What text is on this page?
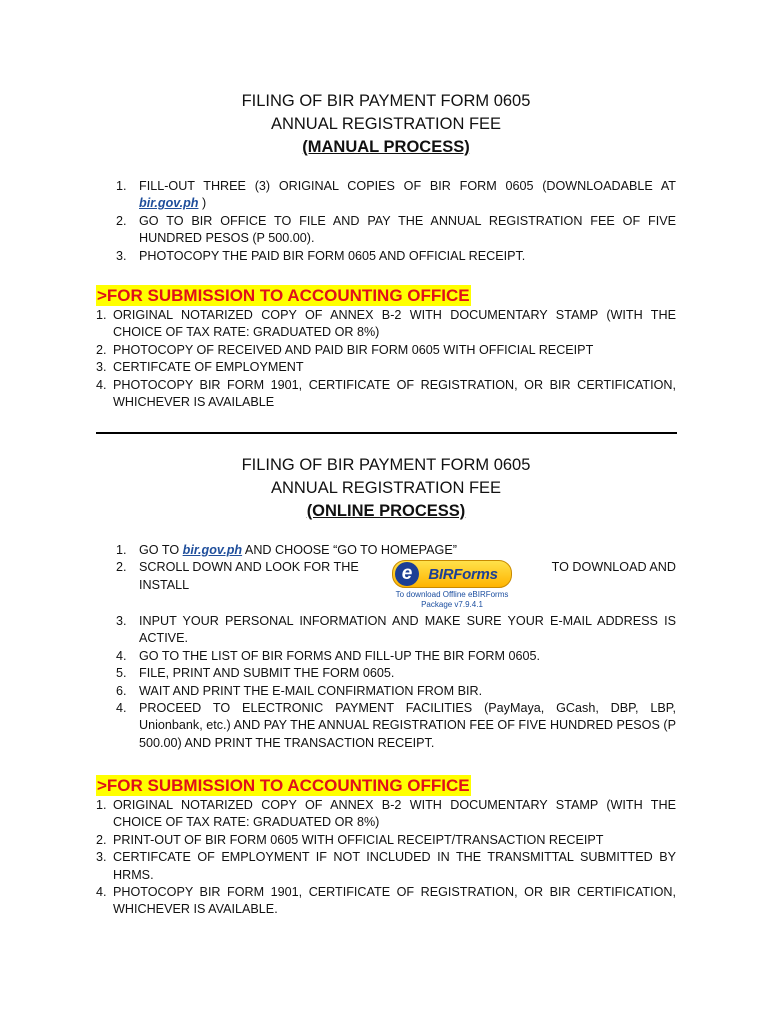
FILING OF BIR PAYMENT FORM 0605
ANNUAL REGISTRATION FEE
(MANUAL PROCESS)
1. FILL-OUT THREE (3) ORIGINAL COPIES OF BIR FORM 0605 (DOWNLOADABLE AT bir.gov.ph )
2. GO TO BIR OFFICE TO FILE AND PAY THE ANNUAL REGISTRATION FEE OF FIVE HUNDRED PESOS (P 500.00).
3. PHOTOCOPY THE PAID BIR FORM 0605 AND OFFICIAL RECEIPT.
>FOR SUBMISSION TO ACCOUNTING OFFICE
1. ORIGINAL NOTARIZED COPY OF ANNEX B-2 WITH DOCUMENTARY STAMP (WITH THE CHOICE OF TAX RATE: GRADUATED OR 8%)
2. PHOTOCOPY OF RECEIVED AND PAID BIR FORM 0605 WITH OFFICIAL RECEIPT
3. CERTIFCATE OF EMPLOYMENT
4. PHOTOCOPY BIR FORM 1901, CERTIFICATE OF REGISTRATION, OR BIR CERTIFICATION, WHICHEVER IS AVAILABLE
FILING OF BIR PAYMENT FORM 0605
ANNUAL REGISTRATION FEE
(ONLINE PROCESS)
1. GO TO bir.gov.ph AND CHOOSE “GO TO HOMEPAGE”
2. SCROLL DOWN AND LOOK FOR THE	TO DOWNLOAD AND

INSTALL
e	BIRForms
To download Offline eBIRForms
Package v7.9.4.1
3. INPUT YOUR PERSONAL INFORMATION AND MAKE SURE YOUR E-MAIL ADDRESS IS ACTIVE.
4. GO TO THE LIST OF BIR FORMS AND FILL-UP THE BIR FORM 0605.
5. FILE, PRINT AND SUBMIT THE FORM 0605.
6. WAIT AND PRINT THE E-MAIL CONFIRMATION FROM BIR.
4. PROCEED TO ELECTRONIC PAYMENT FACILITIES (PayMaya, GCash, DBP, LBP, Unionbank, etc.) AND PAY THE ANNUAL REGISTRATION FEE OF FIVE HUNDRED PESOS (P 500.00) AND PRINT THE TRANSACTION RECEIPT.
>FOR SUBMISSION TO ACCOUNTING OFFICE
1. ORIGINAL NOTARIZED COPY OF ANNEX B-2 WITH DOCUMENTARY STAMP (WITH THE CHOICE OF TAX RATE: GRADUATED OR 8%)
2. PRINT-OUT OF BIR FORM 0605 WITH OFFICIAL RECEIPT/TRANSACTION RECEIPT
3. CERTIFCATE OF EMPLOYMENT IF NOT INCLUDED IN THE TRANSMITTAL SUBMITTED BY HRMS.
4. PHOTOCOPY BIR FORM 1901, CERTIFICATE OF REGISTRATION, OR BIR CERTIFICATION, WHICHEVER IS AVAILABLE.
